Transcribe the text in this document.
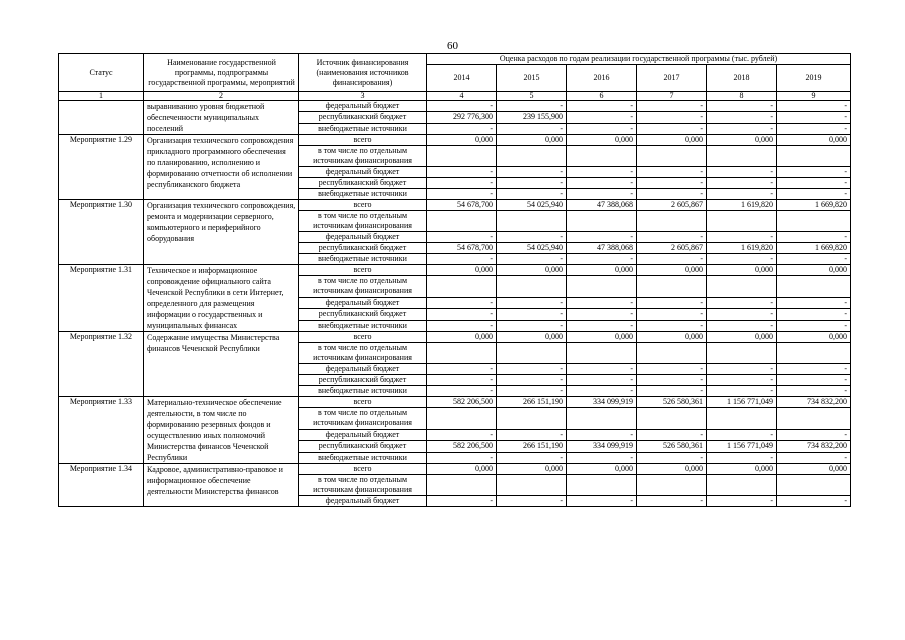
60
Статус	Наименование государственной программы, подпрограммы государственной программы, мероприятий	Источник финансирования (наименования источников финансирования)	Оценка расходов по годам реализации государственной программы (тыс. рублей)					
			2014	2015	2016	2017	2018	2019
1	2	3	4	5	6	7	8	9
	выравниванию уровня бюджетной обеспеченности муниципальных поселений	федеральный бюджет	-	-	-	-	-	-
		республиканский бюджет	292 776,300	239 155,900	-	-	-	-
		внебюджетные источники	-	-	-	-	-	-
Мероприятие 1.29	Организация технического сопровождения прикладного программного обеспечения по планированию, исполнению и формированию отчетности об исполнении республиканского бюджета	всего	0,000	0,000	0,000	0,000	0,000	0,000
		в том числе по отдельным источникам финансирования						
		федеральный бюджет	-	-	-	-	-	-
		республиканский бюджет	-	-	-	-	-	-
		внебюджетные источники	-	-	-	-	-	-
Мероприятие 1.30	Организация технического сопровождения, ремонта и модернизации серверного, компьютерного и периферийного оборудования	всего	54 678,700	54 025,940	47 388,068	2 605,867	1 619,820	1 669,820
		в том числе по отдельным источникам финансирования						
		федеральный бюджет	-	-	-	-	-	-
		республиканский бюджет	54 678,700	54 025,940	47 388,068	2 605,867	1 619,820	1 669,820
		внебюджетные источники	-	-	-	-	-	-
Мероприятие 1.31	Техническое и информационное сопровождение официального сайта Чеченской Республики в сети Интернет, определенного для размещения информации о государственных и муниципальных финансах	всего	0,000	0,000	0,000	0,000	0,000	0,000
		в том числе по отдельным источникам финансирования						
		федеральный бюджет	-	-	-	-	-	-
		республиканский бюджет	-	-	-	-	-	-
		внебюджетные источники	-	-	-	-	-	-
Мероприятие 1.32	Содержание имущества Министерства финансов Чеченской Республики	всего	0,000	0,000	0,000	0,000	0,000	0,000
		в том числе по отдельным источникам финансирования						
		федеральный бюджет	-	-	-	-	-	-
		республиканский бюджет	-	-	-	-	-	-
		внебюджетные источники	-	-	-	-	-	-
Мероприятие 1.33	Материально-техническое обеспечение деятельности, в том числе по формированию резервных фондов и осуществлению иных полномочий Министерства финансов Чеченской Республики	всего	582 206,500	266 151,190	334 099,919	526 580,361	1 156 771,049	734 832,200
		в том числе по отдельным источникам финансирования						
		федеральный бюджет	-	-	-	-	-	-
		республиканский бюджет	582 206,500	266 151,190	334 099,919	526 580,361	1 156 771,049	734 832,200
		внебюджетные источники	-	-	-	-	-	-
Мероприятие 1.34	Кадровое, административно-правовое и информационное обеспечение деятельности Министерства финансов	всего	0,000	0,000	0,000	0,000	0,000	0,000
		в том числе по отдельным источникам финансирования						
		федеральный бюджет	-	-	-	-	-	-
